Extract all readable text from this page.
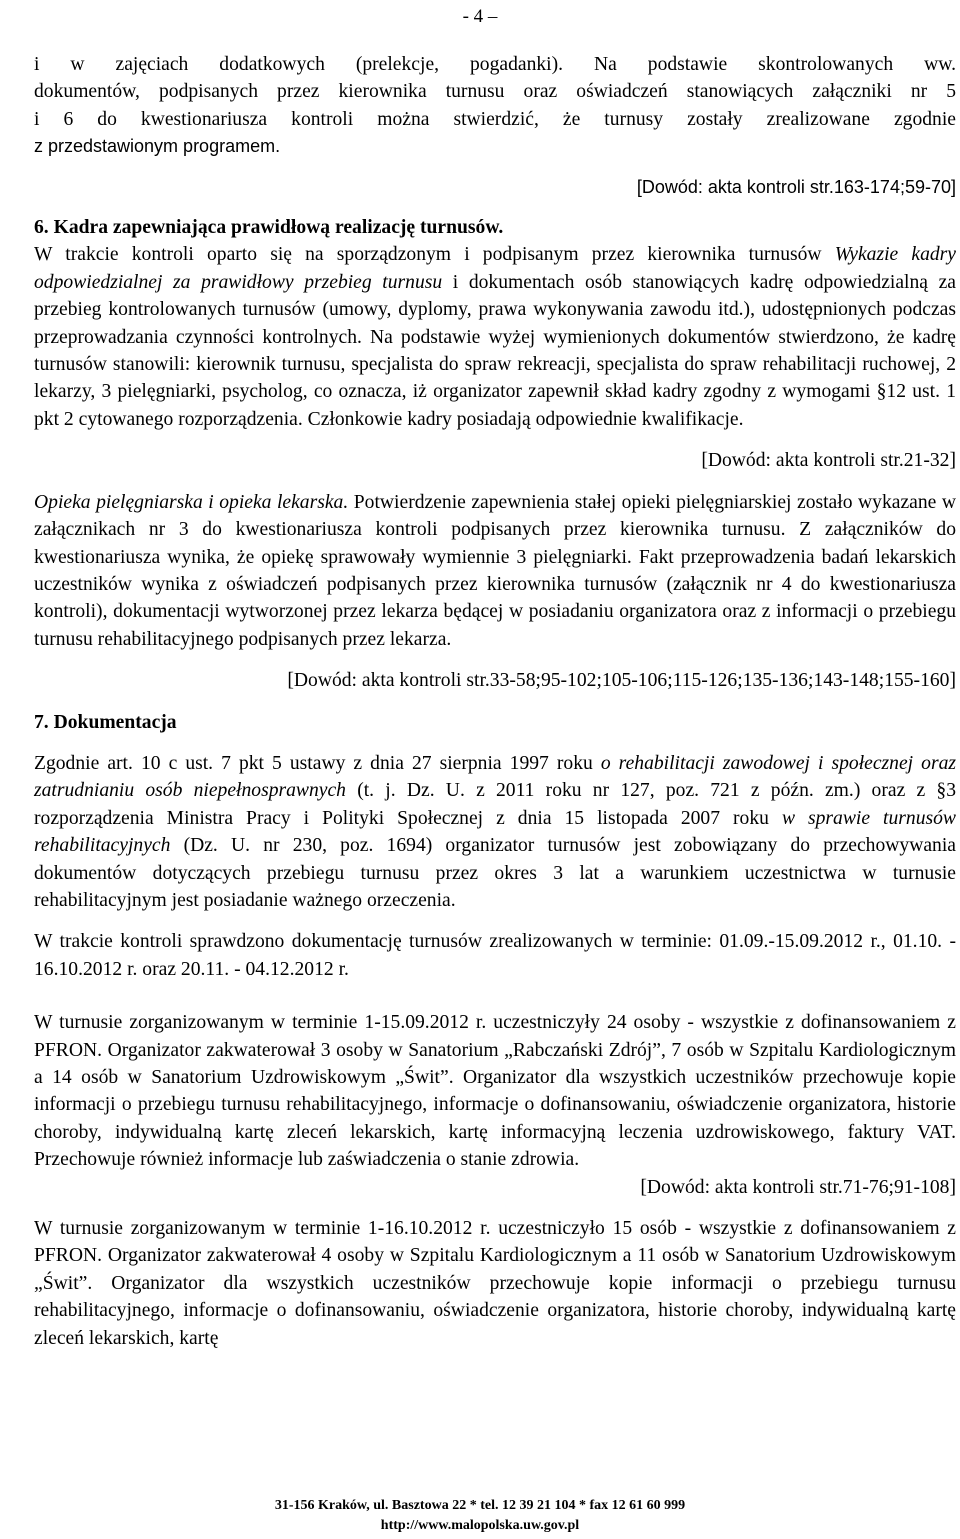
- 4 –

i w zajęciach dodatkowych (prelekcje, pogadanki). Na podstawie skontrolowanych ww.
dokumentów, podpisanych przez kierownika turnusu oraz oświadczeń stanowiących załączniki nr 5
i 6 do kwestionariusza kontroli można stwierdzić, że turnusy zostały zrealizowane zgodnie
z przedstawionym programem.

[Dowód: akta kontroli str.163-174;59-70]

6. Kadra zapewniająca prawidłową realizację turnusów.

W trakcie kontroli oparto się na sporządzonym i podpisanym przez kierownika turnusów Wykazie kadry odpowiedzialnej za prawidłowy przebieg turnusu i dokumentach osób stanowiących kadrę odpowiedzialną za przebieg kontrolowanych turnusów (umowy, dyplomy, prawa wykonywania zawodu itd.), udostępnionych podczas przeprowadzania czynności kontrolnych. Na podstawie wyżej wymienionych dokumentów stwierdzono, że kadrę turnusów stanowili: kierownik turnusu, specjalista do spraw rekreacji, specjalista do spraw rehabilitacji ruchowej, 2 lekarzy, 3 pielęgniarki, psycholog, co oznacza, iż organizator zapewnił skład kadry zgodny z wymogami §12 ust. 1 pkt 2 cytowanego rozporządzenia. Członkowie kadry posiadają odpowiednie kwalifikacje.

[Dowód: akta kontroli str.21-32]

Opieka pielęgniarska i opieka lekarska. Potwierdzenie zapewnienia stałej opieki pielęgniarskiej zostało wykazane w załącznikach nr 3 do kwestionariusza kontroli podpisanych przez kierownika turnusu. Z załączników do kwestionariusza wynika, że opiekę sprawowały wymiennie 3 pielęgniarki. Fakt przeprowadzenia badań lekarskich uczestników wynika z oświadczeń podpisanych przez kierownika turnusów (załącznik nr 4 do kwestionariusza kontroli), dokumentacji wytworzonej przez lekarza będącej w posiadaniu organizatora oraz z informacji o przebiegu turnusu rehabilitacyjnego podpisanych przez lekarza.

[Dowód: akta kontroli str.33-58;95-102;105-106;115-126;135-136;143-148;155-160]

7. Dokumentacja

Zgodnie art. 10 c ust. 7 pkt 5 ustawy z dnia 27 sierpnia 1997 roku o rehabilitacji zawodowej i społecznej oraz zatrudnianiu osób niepełnosprawnych (t. j. Dz. U. z 2011 roku nr 127, poz. 721 z późn. zm.) oraz z §3 rozporządzenia Ministra Pracy i Polityki Społecznej z dnia 15 listopada 2007 roku w sprawie turnusów rehabilitacyjnych (Dz. U. nr 230, poz. 1694) organizator turnusów jest zobowiązany do przechowywania dokumentów dotyczących przebiegu turnusu przez okres 3 lat a warunkiem uczestnictwa w turnusie rehabilitacyjnym jest posiadanie ważnego orzeczenia.

W trakcie kontroli sprawdzono dokumentację turnusów zrealizowanych w terminie: 01.09.-15.09.2012 r., 01.10. - 16.10.2012 r. oraz 20.11. - 04.12.2012 r.

W turnusie zorganizowanym w terminie 1-15.09.2012 r. uczestniczyły 24 osoby - wszystkie z dofinansowaniem z PFRON. Organizator zakwaterował 3 osoby w Sanatorium „Rabczański Zdrój”, 7 osób w Szpitalu Kardiologicznym a 14 osób w Sanatorium Uzdrowiskowym „Świt”. Organizator dla wszystkich uczestników przechowuje kopie informacji o przebiegu turnusu rehabilitacyjnego, informacje o dofinansowaniu, oświadczenie organizatora, historie choroby, indywidualną kartę zleceń lekarskich, kartę informacyjną leczenia uzdrowiskowego, faktury VAT. Przechowuje również informacje lub zaświadczenia o stanie zdrowia.

[Dowód: akta kontroli str.71-76;91-108]

W turnusie zorganizowanym w terminie 1-16.10.2012 r. uczestniczyło 15 osób - wszystkie z dofinansowaniem z PFRON. Organizator zakwaterował 4 osoby w Szpitalu Kardiologicznym a 11 osób w Sanatorium Uzdrowiskowym „Świt”. Organizator dla wszystkich uczestników przechowuje kopie informacji o przebiegu turnusu rehabilitacyjnego, informacje o dofinansowaniu, oświadczenie organizatora, historie choroby, indywidualną kartę zleceń lekarskich, kartę

31-156 Kraków, ul. Basztowa 22 * tel. 12 39 21 104 * fax 12 61 60 999
http://www.malopolska.uw.gov.pl
